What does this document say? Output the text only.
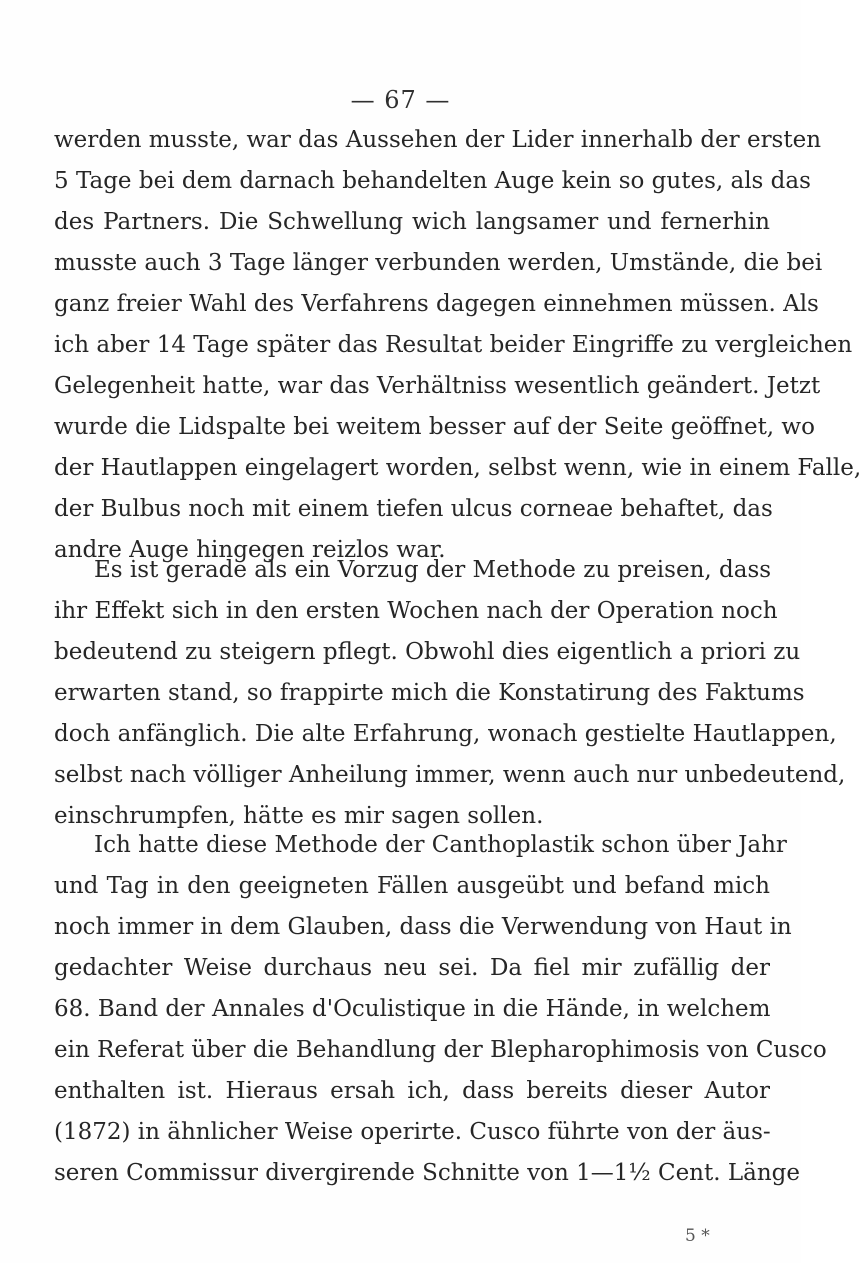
— 67 —
werden musste, war das Aussehen der Lider innerhalb der ersten
5 Tage bei dem darnach behandelten Auge kein so gutes, als das
des Partners. Die Schwellung wich langsamer und fernerhin
musste auch 3 Tage länger verbunden werden, Umstände, die bei
ganz freier Wahl des Verfahrens dagegen einnehmen müssen. Als
ich aber 14 Tage später das Resultat beider Eingriffe zu vergleichen
Gelegenheit hatte, war das Verhältniss wesentlich geändert. Jetzt
wurde die Lidspalte bei weitem besser auf der Seite geöffnet, wo
der Hautlappen eingelagert worden, selbst wenn, wie in einem Falle,
der Bulbus noch mit einem tiefen ulcus corneae behaftet, das
andre Auge hingegen reizlos war.
Es ist gerade als ein Vorzug der Methode zu preisen, dass
ihr Effekt sich in den ersten Wochen nach der Operation noch
bedeutend zu steigern pflegt. Obwohl dies eigentlich a priori zu
erwarten stand, so frappirte mich die Konstatirung des Faktums
doch anfänglich. Die alte Erfahrung, wonach gestielte Hautlappen,
selbst nach völliger Anheilung immer, wenn auch nur unbedeutend,
einschrumpfen, hätte es mir sagen sollen.
Ich hatte diese Methode der Canthoplastik schon über Jahr
und Tag in den geeigneten Fällen ausgeübt und befand mich
noch immer in dem Glauben, dass die Verwendung von Haut in
gedachter Weise durchaus neu sei. Da fiel mir zufällig der
68. Band der Annales d'Oculistique in die Hände, in welchem
ein Referat über die Behandlung der Blepharophimosis von Cusco
enthalten ist. Hieraus ersah ich, dass bereits dieser Autor
(1872) in ähnlicher Weise operirte. Cusco führte von der äus-
seren Commissur divergirende Schnitte von 1—1½ Cent. Länge
5 *
